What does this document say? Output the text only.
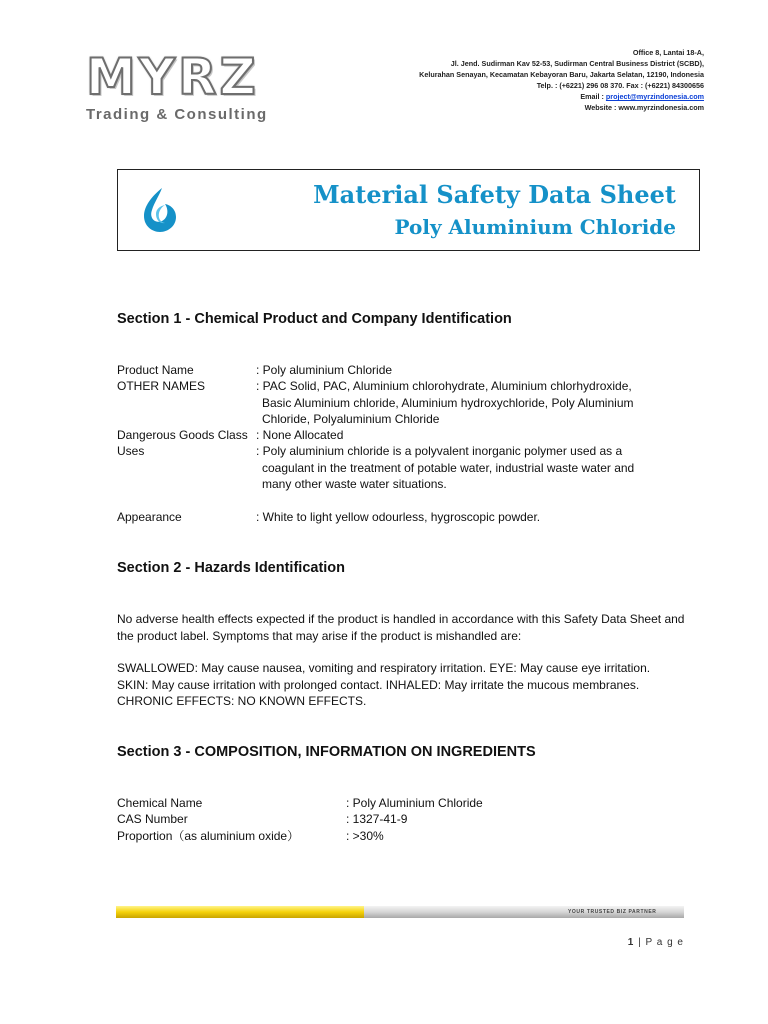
MYRZ
Trading & Consulting
Office 8, Lantai 18-A,
Jl. Jend. Sudirman Kav 52-53, Sudirman Central Business District (SCBD),
Kelurahan Senayan, Kecamatan Kebayoran Baru, Jakarta Selatan, 12190, Indonesia
Telp. : (+6221) 296 08 370. Fax : (+6221) 84300656
Email : project@myrzindonesia.com
Website : www.myrzindonesia.com
Material Safety Data Sheet
Poly Aluminium Chloride
Section 1 - Chemical Product and Company Identification
Product Name	: Poly aluminium Chloride
OTHER NAMES	: PAC Solid, PAC, Aluminium chlorohydrate, Aluminium chlorhydroxide,
Basic Aluminium chloride, Aluminium hydroxychloride, Poly Aluminium
Chloride, Polyaluminium Chloride
Dangerous Goods Class : None Allocated
Uses	: Poly aluminium chloride is a polyvalent inorganic polymer used as a
coagulant in the treatment of potable water, industrial waste water and
many other waste water situations.
Appearance	: White to light yellow odourless, hygroscopic powder.
Section 2 - Hazards Identification
No adverse health effects expected if the product is handled in accordance with this Safety Data Sheet and the product label. Symptoms that may arise if the product is mishandled are:
SWALLOWED: May cause nausea, vomiting and respiratory irritation. EYE: May cause eye irritation.
SKIN: May cause irritation with prolonged contact. INHALED: May irritate the mucous membranes.
CHRONIC EFFECTS: NO KNOWN EFFECTS.
Section 3 - COMPOSITION, INFORMATION ON INGREDIENTS
Chemical Name	: Poly Aluminium Chloride
CAS Number	: 1327-41-9
Proportion（as aluminium oxide）	: >30%
YOUR TRUSTED BIZ PARTNER
1 | P a g e
